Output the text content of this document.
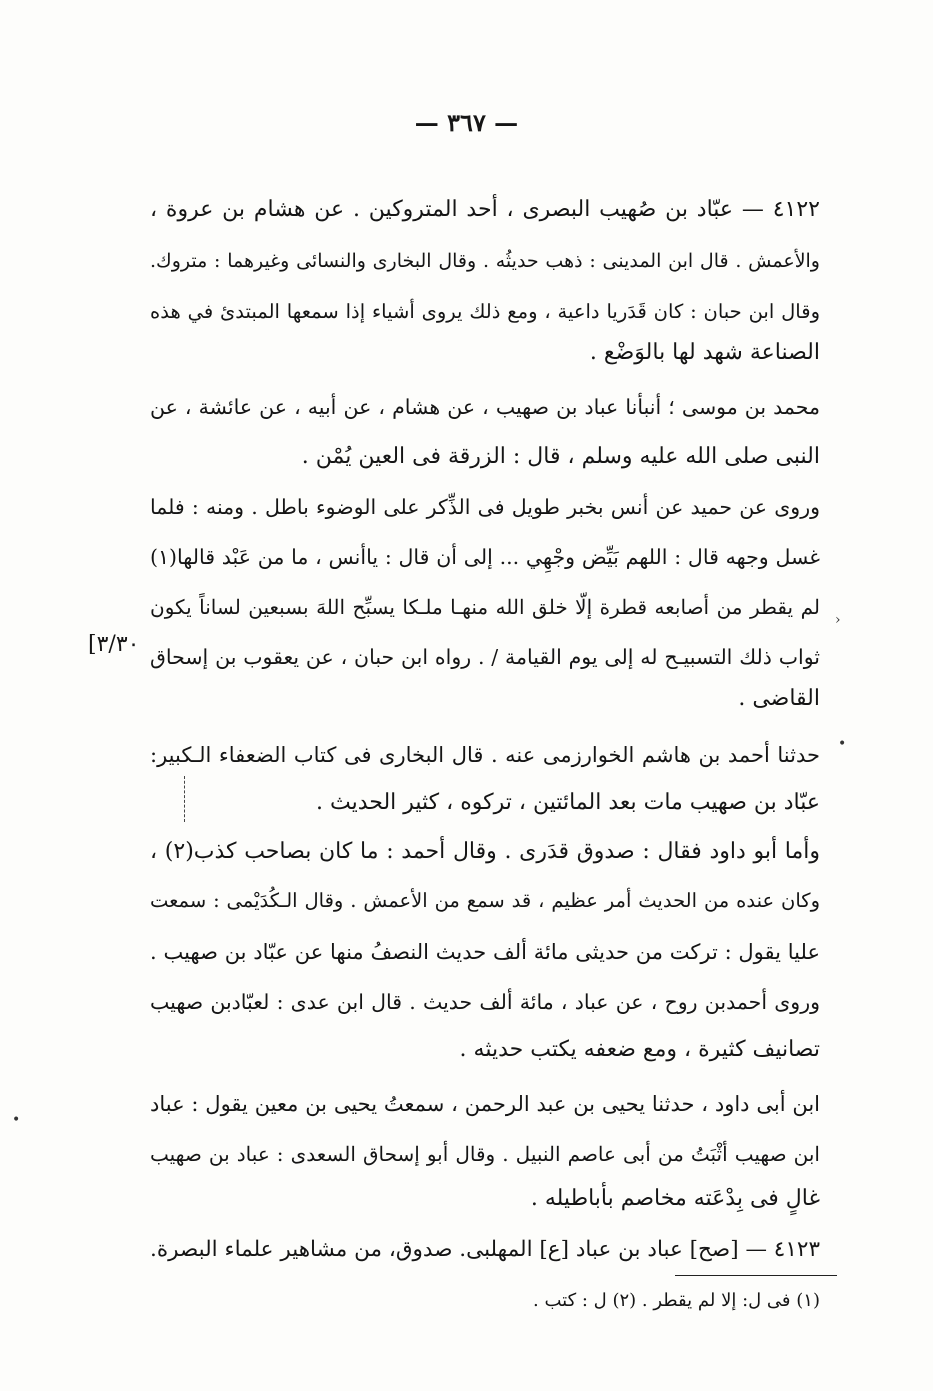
— ٣٦٧ —
٤١٢٢ — عبّاد بن صُهيب البصرى ، أحد المتروكين . عن هشام بن عروة ،
والأعمش . قال ابن المدينى : ذهب حديثُه . وقال البخارى والنسائى وغيرهما : متروك.
وقال ابن حبان : كان قَدَريا داعية ، ومع ذلك يروى أشياء إذا سمعها المبتدئ في هذه
الصناعة شهد لها بالوَضْع .
محمد بن موسى ؛ أنبأنا عباد بن صهيب ، عن هشام ، عن أبيه ، عن عائشة ، عن
النبى صلى الله عليه وسلم ، قال : الزرقة فى العين يُمْن .
وروى عن حميد عن أنس بخبر طويل فى الذِّكر على الوضوء باطل . ومنه : فلما
غسل وجهه قال : اللهم بَيِّض وجْهِي ... إلى أن قال : ياأنس ، ما من عَبْد قالها(١)
لم يقطر من أصابعه قطرة إلّا خلق الله منهـا ملـكا يسبِّح اللهَ بسبعين لساناً يكون
ثواب ذلك التسبيـح له إلى يوم القيامة / . رواه ابن حبان ، عن يعقوب بن إسحاق
القاضى .
حدثنا أحمد بن هاشم الخوارزمى عنه . قال البخارى فى كتاب الضعفاء الـكبير:
عبّاد بن صهيب مات بعد المائتين ، تركوه ، كثير الحديث .
وأما أبو داود فقال : صدوق قدَرى . وقال أحمد : ما كان بصاحب كذب(٢) ،
وكان عنده من الحديث أمر عظيم ، قد سمع من الأعمش . وقال الـكُدَيْمى : سمعت
عليا يقول : تركت من حديثى مائة ألف حديث النصفُ منها عن عبّاد بن صهيب .
وروى أحمدبن روح ، عن عباد ، مائة ألف حديث . قال ابن عدى : لعبّادبن صهيب
تصانيف كثيرة ، ومع ضعفه يكتب حديثه .
ابن أبى داود ، حدثنا يحيى بن عبد الرحمن ، سمعتُ يحيى بن معين يقول : عباد
ابن صهيب أثْبَتُ من أبى عاصم النبيل . وقال أبو إسحاق السعدى : عباد بن صهيب
غالٍ فى بِدْعَته مخاصم بأباطيله .
٤١٢٣ — [صح] عباد بن عباد [ع] المهلبى. صدوق، من مشاهير علماء البصرة.
[٣/٣٠
•
•
›
(١) فى ل: إلا لم يقطر . (٢) ل : كتب .
